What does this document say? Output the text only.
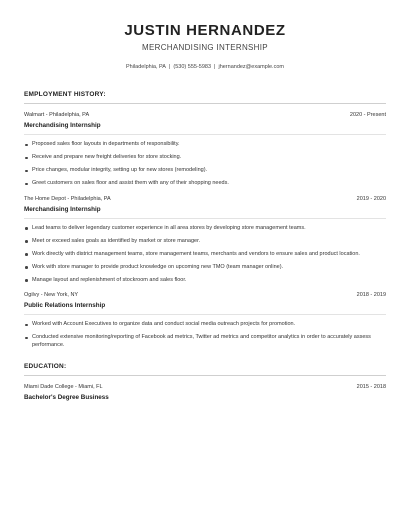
JUSTIN HERNANDEZ
MERCHANDISING INTERNSHIP
Philadelphia, PA | (530) 555-5983 | jhernandez@example.com
EMPLOYMENT HISTORY:
Walmart - Philadelphia, PA	2020 - Present
Merchandising Internship
Proposed sales floor layouts in departments of responsibility.
Receive and prepare new freight deliveries for store stocking.
Price changes, modular integrity, setting up for new stores (remodeling).
Greet customers on sales floor and assist them with any of their shopping needs.
The Home Depot - Philadelphia, PA	2019 - 2020
Merchandising Internship
Lead teams to deliver legendary customer experience in all area stores by developing store management teams.
Meet or exceed sales goals as identified by market or store manager.
Work directly with district management teams, store management teams, merchants and vendors to ensure sales and product location.
Work with store manager to provide product knowledge on upcoming new TMO (team manager online).
Manage layout and replenishment of stockroom and sales floor.
Ogilvy - New York, NY	2018 - 2019
Public Relations Internship
Worked with Account Executives to organize data and conduct social media outreach projects for promotion.
Conducted extensive monitoring/reporting of Facebook ad metrics, Twitter ad metrics and competitor analytics in order to accurately assess performance.
EDUCATION:
Miami Dade College - Miami, FL	2015 - 2018
Bachelor's Degree Business
